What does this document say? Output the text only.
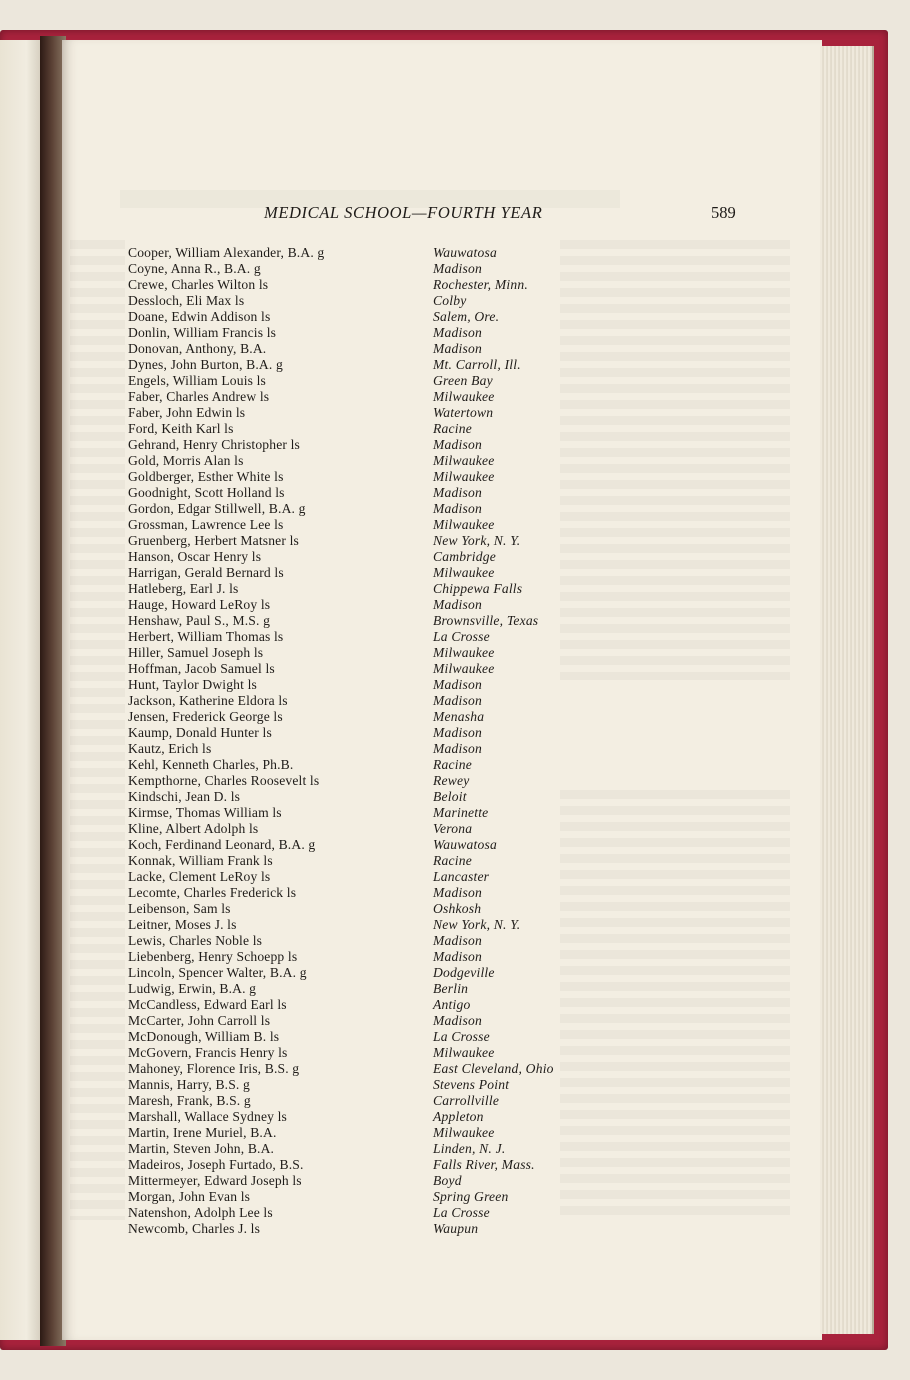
MEDICAL SCHOOL—FOURTH YEAR	589
Cooper, William Alexander, B.A. g	Wauwatosa
Coyne, Anna R., B.A. g	Madison
Crewe, Charles Wilton ls	Rochester, Minn.
Dessloch, Eli Max ls	Colby
Doane, Edwin Addison ls	Salem, Ore.
Donlin, William Francis ls	Madison
Donovan, Anthony, B.A.	Madison
Dynes, John Burton, B.A. g	Mt. Carroll, Ill.
Engels, William Louis ls	Green Bay
Faber, Charles Andrew ls	Milwaukee
Faber, John Edwin ls	Watertown
Ford, Keith Karl ls	Racine
Gehrand, Henry Christopher ls	Madison
Gold, Morris Alan ls	Milwaukee
Goldberger, Esther White ls	Milwaukee
Goodnight, Scott Holland ls	Madison
Gordon, Edgar Stillwell, B.A. g	Madison
Grossman, Lawrence Lee ls	Milwaukee
Gruenberg, Herbert Matsner ls	New York, N. Y.
Hanson, Oscar Henry ls	Cambridge
Harrigan, Gerald Bernard ls	Milwaukee
Hatleberg, Earl J. ls	Chippewa Falls
Hauge, Howard LeRoy ls	Madison
Henshaw, Paul S., M.S. g	Brownsville, Texas
Herbert, William Thomas ls	La Crosse
Hiller, Samuel Joseph ls	Milwaukee
Hoffman, Jacob Samuel ls	Milwaukee
Hunt, Taylor Dwight ls	Madison
Jackson, Katherine Eldora ls	Madison
Jensen, Frederick George ls	Menasha
Kaump, Donald Hunter ls	Madison
Kautz, Erich ls	Madison
Kehl, Kenneth Charles, Ph.B.	Racine
Kempthorne, Charles Roosevelt ls	Rewey
Kindschi, Jean D. ls	Beloit
Kirmse, Thomas William ls	Marinette
Kline, Albert Adolph ls	Verona
Koch, Ferdinand Leonard, B.A. g	Wauwatosa
Konnak, William Frank ls	Racine
Lacke, Clement LeRoy ls	Lancaster
Lecomte, Charles Frederick ls	Madison
Leibenson, Sam ls	Oshkosh
Leitner, Moses J. ls	New York, N. Y.
Lewis, Charles Noble ls	Madison
Liebenberg, Henry Schoepp ls	Madison
Lincoln, Spencer Walter, B.A. g	Dodgeville
Ludwig, Erwin, B.A. g	Berlin
McCandless, Edward Earl ls	Antigo
McCarter, John Carroll ls	Madison
McDonough, William B. ls	La Crosse
McGovern, Francis Henry ls	Milwaukee
Mahoney, Florence Iris, B.S. g	East Cleveland, Ohio
Mannis, Harry, B.S. g	Stevens Point
Maresh, Frank, B.S. g	Carrollville
Marshall, Wallace Sydney ls	Appleton
Martin, Irene Muriel, B.A.	Milwaukee
Martin, Steven John, B.A.	Linden, N. J.
Madeiros, Joseph Furtado, B.S.	Falls River, Mass.
Mittermeyer, Edward Joseph ls	Boyd
Morgan, John Evan ls	Spring Green
Natenshon, Adolph Lee ls	La Crosse
Newcomb, Charles J. ls	Waupun
